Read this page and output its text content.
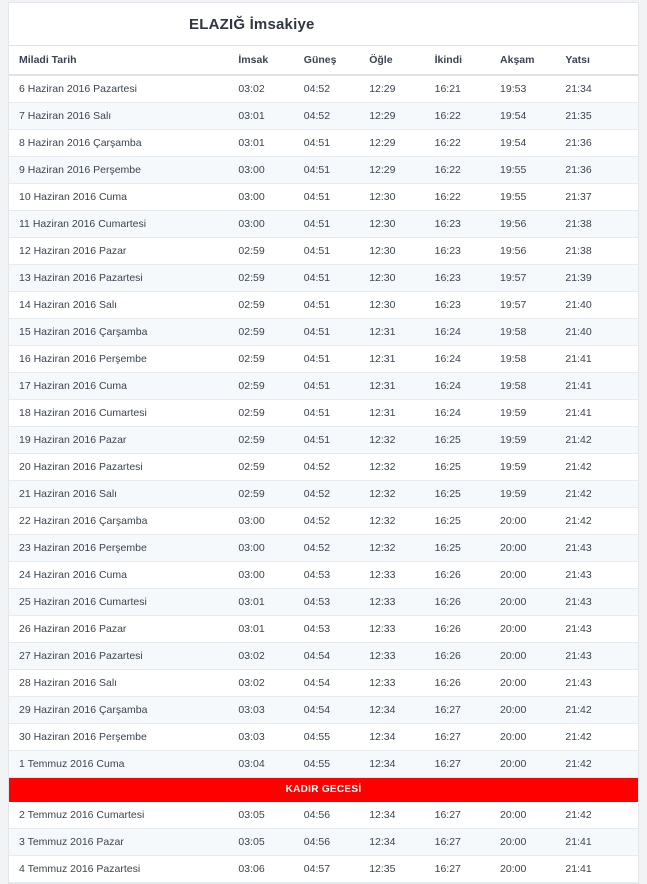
ELAZIĞ İmsakiye
Miladi Tarih	İmsak	Güneş	Öğle	İkindi	Akşam	Yatsı
6 Haziran 2016 Pazartesi	03:02	04:52	12:29	16:21	19:53	21:34
7 Haziran 2016 Salı	03:01	04:52	12:29	16:22	19:54	21:35
8 Haziran 2016 Çarşamba	03:01	04:51	12:29	16:22	19:54	21:36
9 Haziran 2016 Perşembe	03:00	04:51	12:29	16:22	19:55	21:36
10 Haziran 2016 Cuma	03:00	04:51	12:30	16:22	19:55	21:37
11 Haziran 2016 Cumartesi	03:00	04:51	12:30	16:23	19:56	21:38
12 Haziran 2016 Pazar	02:59	04:51	12:30	16:23	19:56	21:38
13 Haziran 2016 Pazartesi	02:59	04:51	12:30	16:23	19:57	21:39
14 Haziran 2016 Salı	02:59	04:51	12:30	16:23	19:57	21:40
15 Haziran 2016 Çarşamba	02:59	04:51	12:31	16:24	19:58	21:40
16 Haziran 2016 Perşembe	02:59	04:51	12:31	16:24	19:58	21:41
17 Haziran 2016 Cuma	02:59	04:51	12:31	16:24	19:58	21:41
18 Haziran 2016 Cumartesi	02:59	04:51	12:31	16:24	19:59	21:41
19 Haziran 2016 Pazar	02:59	04:51	12:32	16:25	19:59	21:42
20 Haziran 2016 Pazartesi	02:59	04:52	12:32	16:25	19:59	21:42
21 Haziran 2016 Salı	02:59	04:52	12:32	16:25	19:59	21:42
22 Haziran 2016 Çarşamba	03:00	04:52	12:32	16:25	20:00	21:42
23 Haziran 2016 Perşembe	03:00	04:52	12:32	16:25	20:00	21:43
24 Haziran 2016 Cuma	03:00	04:53	12:33	16:26	20:00	21:43
25 Haziran 2016 Cumartesi	03:01	04:53	12:33	16:26	20:00	21:43
26 Haziran 2016 Pazar	03:01	04:53	12:33	16:26	20:00	21:43
27 Haziran 2016 Pazartesi	03:02	04:54	12:33	16:26	20:00	21:43
28 Haziran 2016 Salı	03:02	04:54	12:33	16:26	20:00	21:43
29 Haziran 2016 Çarşamba	03:03	04:54	12:34	16:27	20:00	21:42
30 Haziran 2016 Perşembe	03:03	04:55	12:34	16:27	20:00	21:42
1 Temmuz 2016 Cuma	03:04	04:55	12:34	16:27	20:00	21:42
KADIR GECESİ						
2 Temmuz 2016 Cumartesi	03:05	04:56	12:34	16:27	20:00	21:42
3 Temmuz 2016 Pazar	03:05	04:56	12:34	16:27	20:00	21:41
4 Temmuz 2016 Pazartesi	03:06	04:57	12:35	16:27	20:00	21:41
